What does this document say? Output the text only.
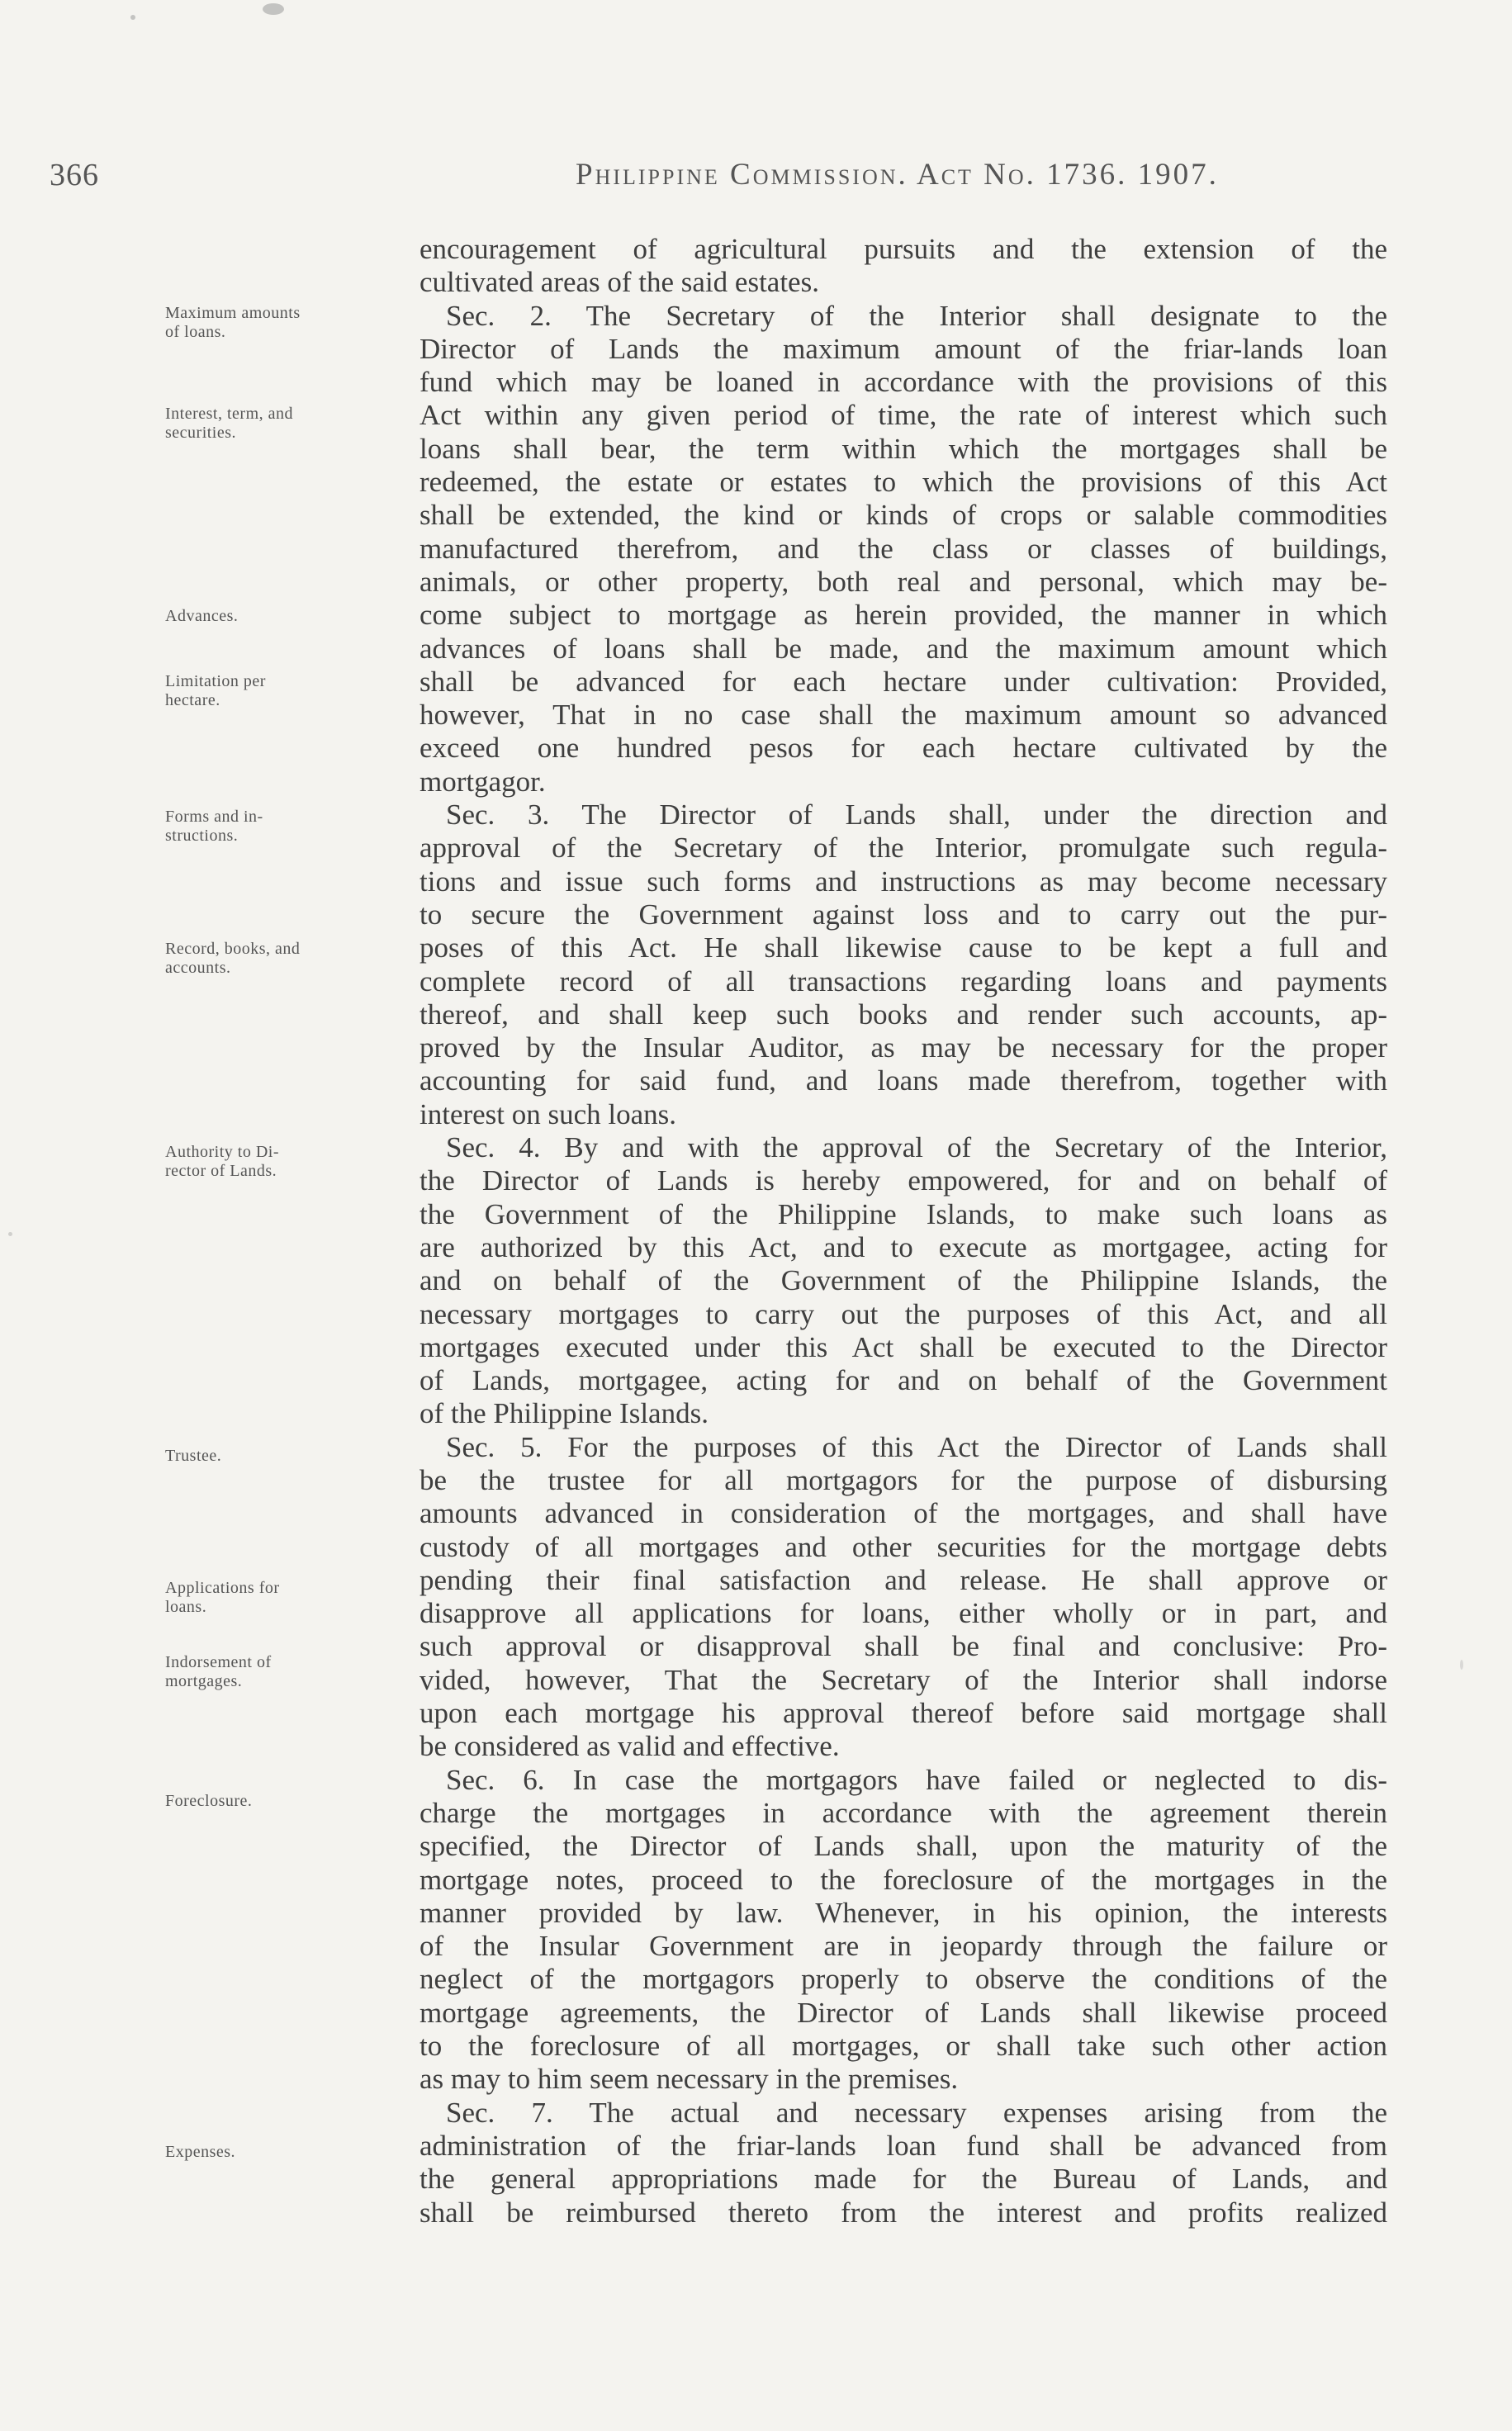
366	Philippine Commission. Act No. 1736. 1907.
Maximum amounts
of loans.
Interest, term, and
securities.
Advances.
Limitation per
hectare.
Forms and in-
structions.
Record, books, and
accounts.
Authority to Di-
rector of Lands.
Trustee.
Applications for
loans.
Indorsement of
mortgages.
Foreclosure.
Expenses.
encouragement of agricultural pursuits and the extension of the
cultivated areas of the said estates.
Sec. 2. The Secretary of the Interior shall designate to the
Director of Lands the maximum amount of the friar-lands loan
fund which may be loaned in accordance with the provisions of this
Act within any given period of time, the rate of interest which such
loans shall bear, the term within which the mortgages shall be
redeemed, the estate or estates to which the provisions of this Act
shall be extended, the kind or kinds of crops or salable commodities
manufactured therefrom, and the class or classes of buildings,
animals, or other property, both real and personal, which may be-
come subject to mortgage as herein provided, the manner in which
advances of loans shall be made, and the maximum amount which
shall be advanced for each hectare under cultivation: Provided,
however, That in no case shall the maximum amount so advanced
exceed one hundred pesos for each hectare cultivated by the
mortgagor.
Sec. 3. The Director of Lands shall, under the direction and
approval of the Secretary of the Interior, promulgate such regula-
tions and issue such forms and instructions as may become necessary
to secure the Government against loss and to carry out the pur-
poses of this Act. He shall likewise cause to be kept a full and
complete record of all transactions regarding loans and payments
thereof, and shall keep such books and render such accounts, ap-
proved by the Insular Auditor, as may be necessary for the proper
accounting for said fund, and loans made therefrom, together with
interest on such loans.
Sec. 4. By and with the approval of the Secretary of the Interior,
the Director of Lands is hereby empowered, for and on behalf of
the Government of the Philippine Islands, to make such loans as
are authorized by this Act, and to execute as mortgagee, acting for
and on behalf of the Government of the Philippine Islands, the
necessary mortgages to carry out the purposes of this Act, and all
mortgages executed under this Act shall be executed to the Director
of Lands, mortgagee, acting for and on behalf of the Government
of the Philippine Islands.
Sec. 5. For the purposes of this Act the Director of Lands shall
be the trustee for all mortgagors for the purpose of disbursing
amounts advanced in consideration of the mortgages, and shall have
custody of all mortgages and other securities for the mortgage debts
pending their final satisfaction and release. He shall approve or
disapprove all applications for loans, either wholly or in part, and
such approval or disapproval shall be final and conclusive: Pro-
vided, however, That the Secretary of the Interior shall indorse
upon each mortgage his approval thereof before said mortgage shall
be considered as valid and effective.
Sec. 6. In case the mortgagors have failed or neglected to dis-
charge the mortgages in accordance with the agreement therein
specified, the Director of Lands shall, upon the maturity of the
mortgage notes, proceed to the foreclosure of the mortgages in the
manner provided by law. Whenever, in his opinion, the interests
of the Insular Government are in jeopardy through the failure or
neglect of the mortgagors properly to observe the conditions of the
mortgage agreements, the Director of Lands shall likewise proceed
to the foreclosure of all mortgages, or shall take such other action
as may to him seem necessary in the premises.
Sec. 7. The actual and necessary expenses arising from the
administration of the friar-lands loan fund shall be advanced from
the general appropriations made for the Bureau of Lands, and
shall be reimbursed thereto from the interest and profits realized
